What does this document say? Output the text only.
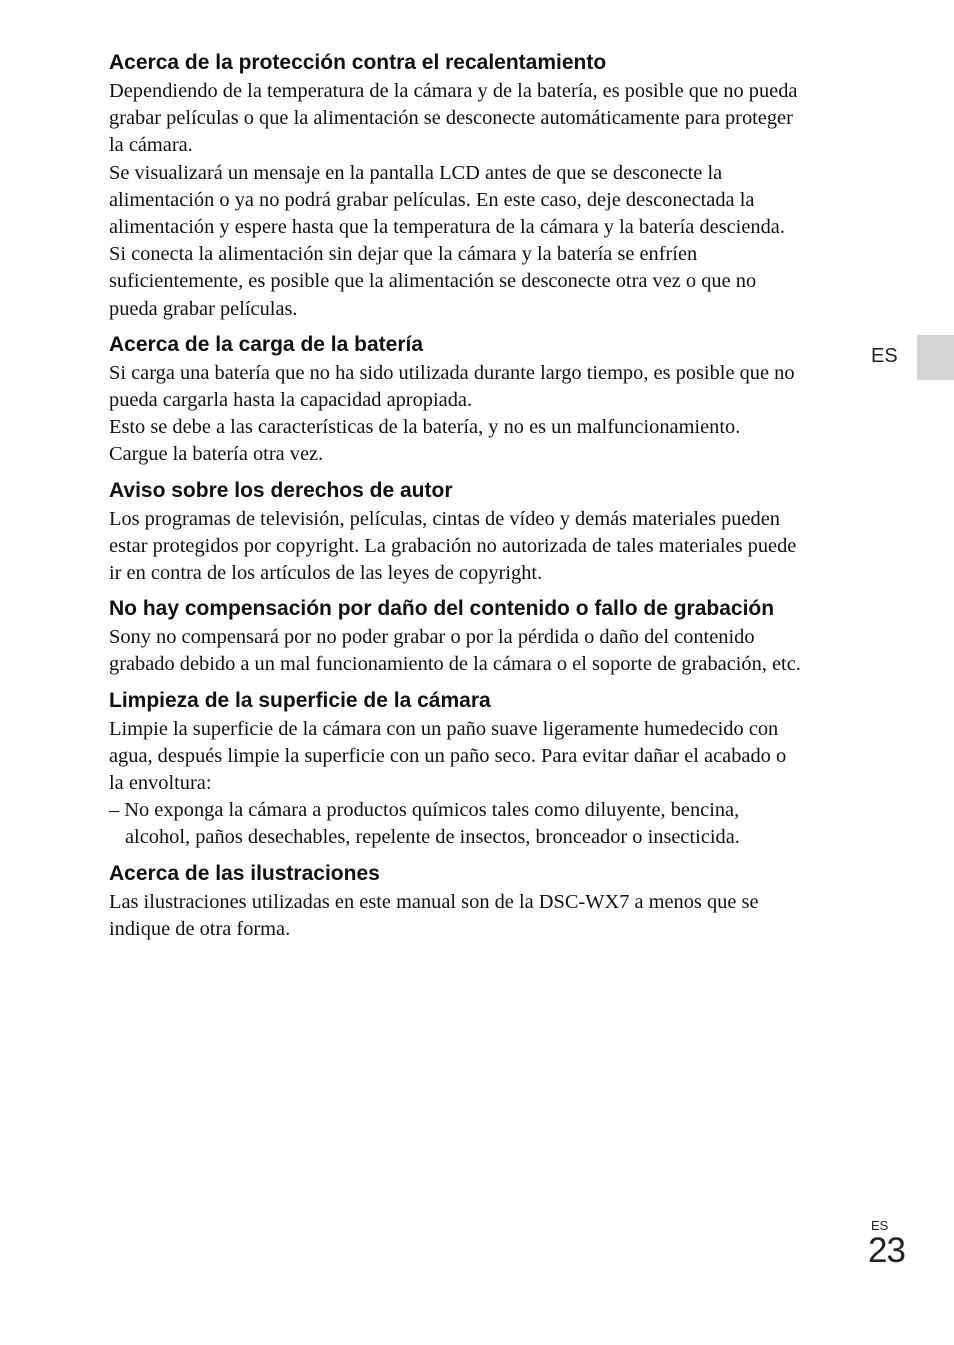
Acerca de la protección contra el recalentamiento

Dependiendo de la temperatura de la cámara y de la batería, es posible que no pueda
grabar películas o que la alimentación se desconecte automáticamente para proteger
la cámara.
Se visualizará un mensaje en la pantalla LCD antes de que se desconecte la
alimentación o ya no podrá grabar películas. En este caso, deje desconectada la
alimentación y espere hasta que la temperatura de la cámara y la batería descienda.
Si conecta la alimentación sin dejar que la cámara y la batería se enfríen
suficientemente, es posible que la alimentación se desconecte otra vez o que no
pueda grabar películas.

Acerca de la carga de la batería

Si carga una batería que no ha sido utilizada durante largo tiempo, es posible que no
pueda cargarla hasta la capacidad apropiada.
Esto se debe a las características de la batería, y no es un malfuncionamiento.
Cargue la batería otra vez.

Aviso sobre los derechos de autor

Los programas de televisión, películas, cintas de vídeo y demás materiales pueden
estar protegidos por copyright. La grabación no autorizada de tales materiales puede
ir en contra de los artículos de las leyes de copyright.

No hay compensación por daño del contenido o fallo de grabación

Sony no compensará por no poder grabar o por la pérdida o daño del contenido
grabado debido a un mal funcionamiento de la cámara o el soporte de grabación, etc.

Limpieza de la superficie de la cámara

Limpie la superficie de la cámara con un paño suave ligeramente humedecido con
agua, después limpie la superficie con un paño seco. Para evitar dañar el acabado o
la envoltura:

– No exponga la cámara a productos químicos tales como diluyente, bencina,
alcohol, paños desechables, repelente de insectos, bronceador o insecticida.
Acerca de las ilustraciones

Las ilustraciones utilizadas en este manual son de la DSC-WX7 a menos que se
indique de otra forma.

ES
ES
23
